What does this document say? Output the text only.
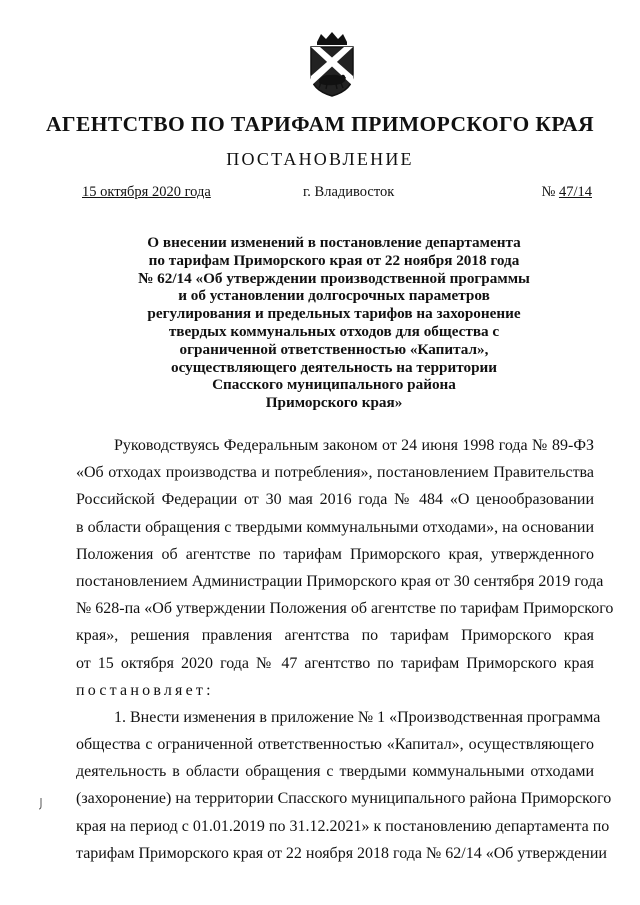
АГЕНТСТВО ПО ТАРИФАМ ПРИМОРСКОГО КРАЯ
ПОСТАНОВЛЕНИЕ
15 октября 2020 года	г. Владивосток	№ 47/14

О внесении изменений в постановление департамента
по тарифам Приморского края от 22 ноября 2018 года
№ 62/14 «Об утверждении производственной программы
и об установлении долгосрочных параметров
регулирования и предельных тарифов на захоронение
твердых коммунальных отходов для общества с
ограниченной ответственностью «Капитал»,
осуществляющего деятельность на территории
Спасского муниципального района
Приморского края»

Руководствуясь Федеральным законом от 24 июня 1998 года № 89-ФЗ
«Об отходах производства и потребления», постановлением Правительства
Российской Федерации от 30 мая 2016 года № 484 «О ценообразовании
в области обращения с твердыми коммунальными отходами», на основании
Положения об агентстве по тарифам Приморского края, утвержденного
постановлением Администрации Приморского края от 30 сентября 2019 года
№ 628-па «Об утверждении Положения об агентстве по тарифам Приморского
края», решения правления агентства по тарифам Приморского края
от 15 октября 2020 года № 47 агентство по тарифам Приморского края
постановляет:
1. Внести изменения в приложение № 1 «Производственная программа
общества с ограниченной ответственностью «Капитал», осуществляющего
деятельность в области обращения с твердыми коммунальными отходами
(захоронение) на территории Спасского муниципального района Приморского
края на период с 01.01.2019 по 31.12.2021» к постановлению департамента по
тарифам Приморского края от 22 ноября 2018 года № 62/14 «Об утверждении
